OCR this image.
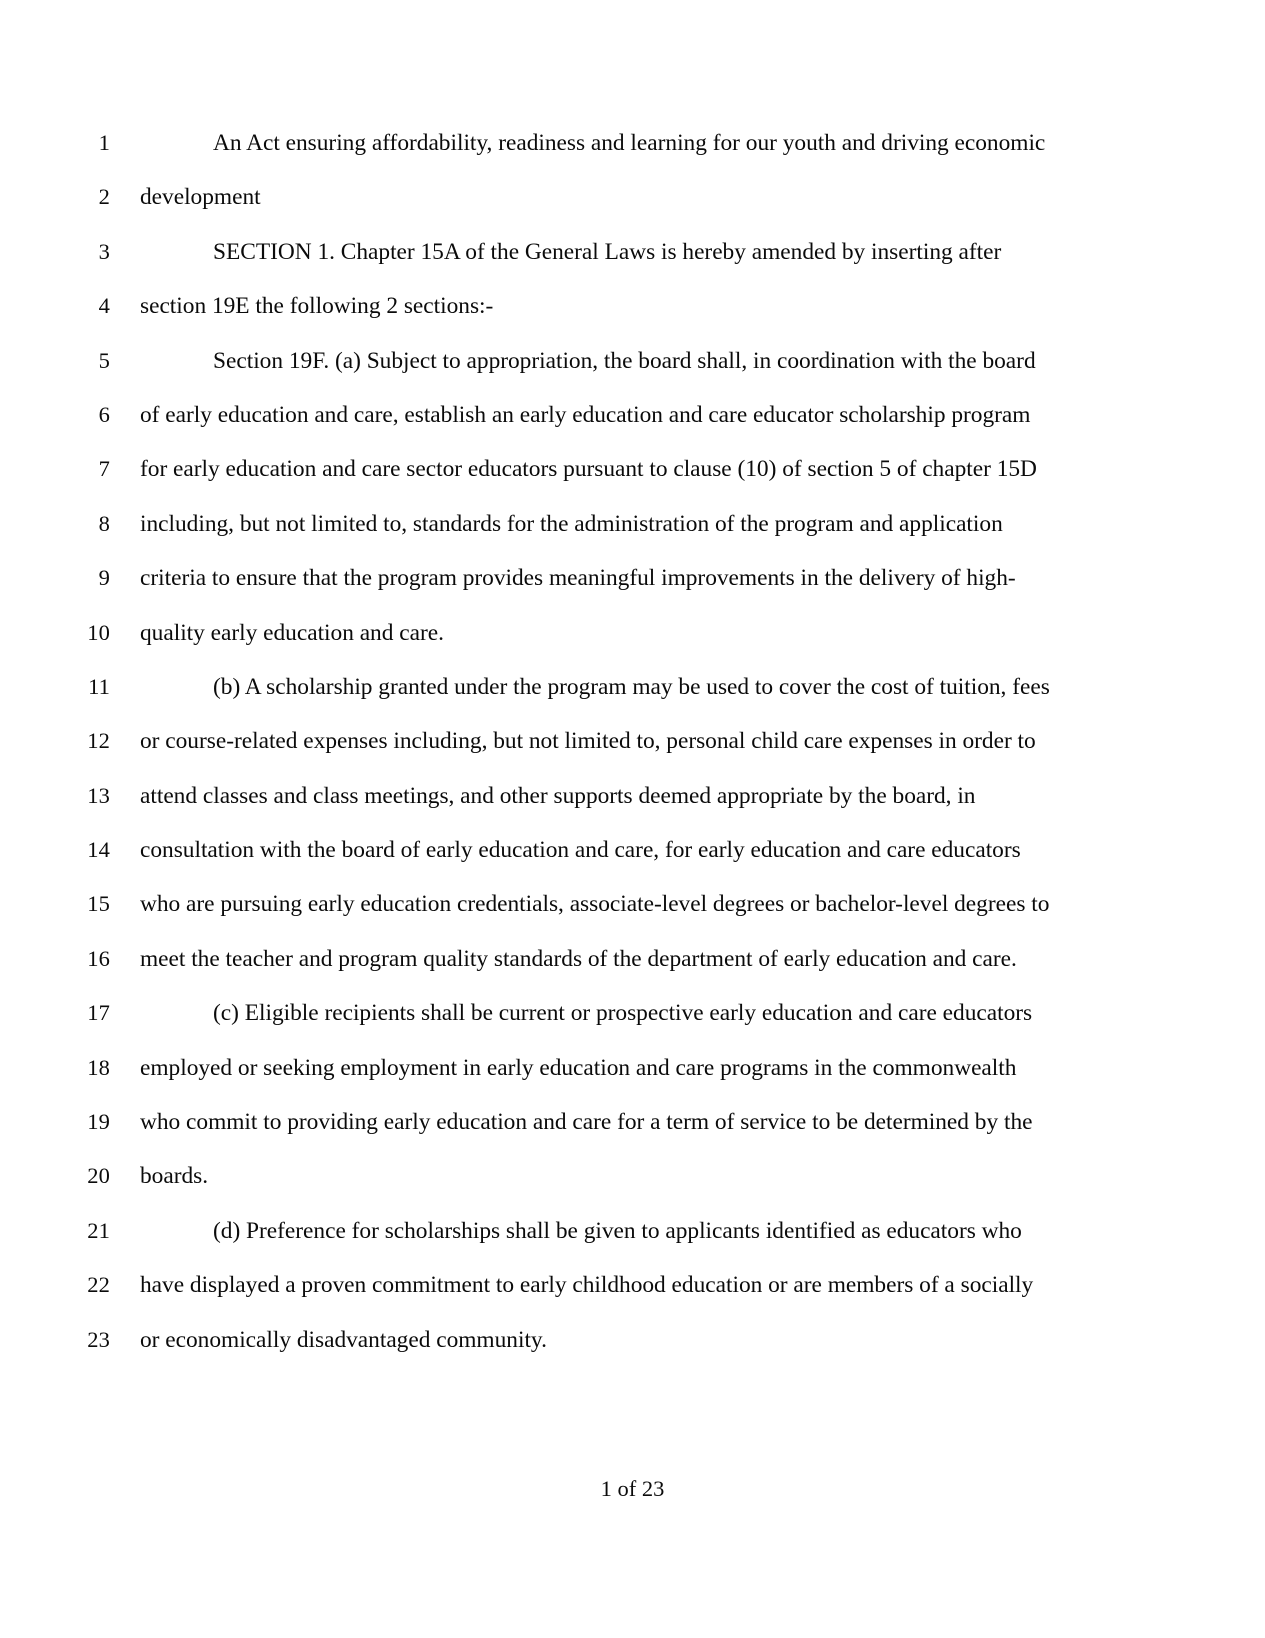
1	An Act ensuring affordability, readiness and learning for our youth and driving economic
2	development
3	SECTION 1. Chapter 15A of the General Laws is hereby amended by inserting after
4	section 19E the following 2 sections:-
5	Section 19F. (a) Subject to appropriation, the board shall, in coordination with the board
6	of early education and care, establish an early education and care educator scholarship program
7	for early education and care sector educators pursuant to clause (10) of section 5 of chapter 15D
8	including, but not limited to, standards for the administration of the program and application
9	criteria to ensure that the program provides meaningful improvements in the delivery of high-
10	quality early education and care.
11	(b) A scholarship granted under the program may be used to cover the cost of tuition, fees
12	or course-related expenses including, but not limited to, personal child care expenses in order to
13	attend classes and class meetings, and other supports deemed appropriate by the board, in
14	consultation with the board of early education and care, for early education and care educators
15	who are pursuing early education credentials, associate-level degrees or bachelor-level degrees to
16	meet the teacher and program quality standards of the department of early education and care.
17	(c) Eligible recipients shall be current or prospective early education and care educators
18	employed or seeking employment in early education and care programs in the commonwealth
19	who commit to providing early education and care for a term of service to be determined by the
20	boards.
21	(d) Preference for scholarships shall be given to applicants identified as educators who
22	have displayed a proven commitment to early childhood education or are members of a socially
23	or economically disadvantaged community.
1 of 23
